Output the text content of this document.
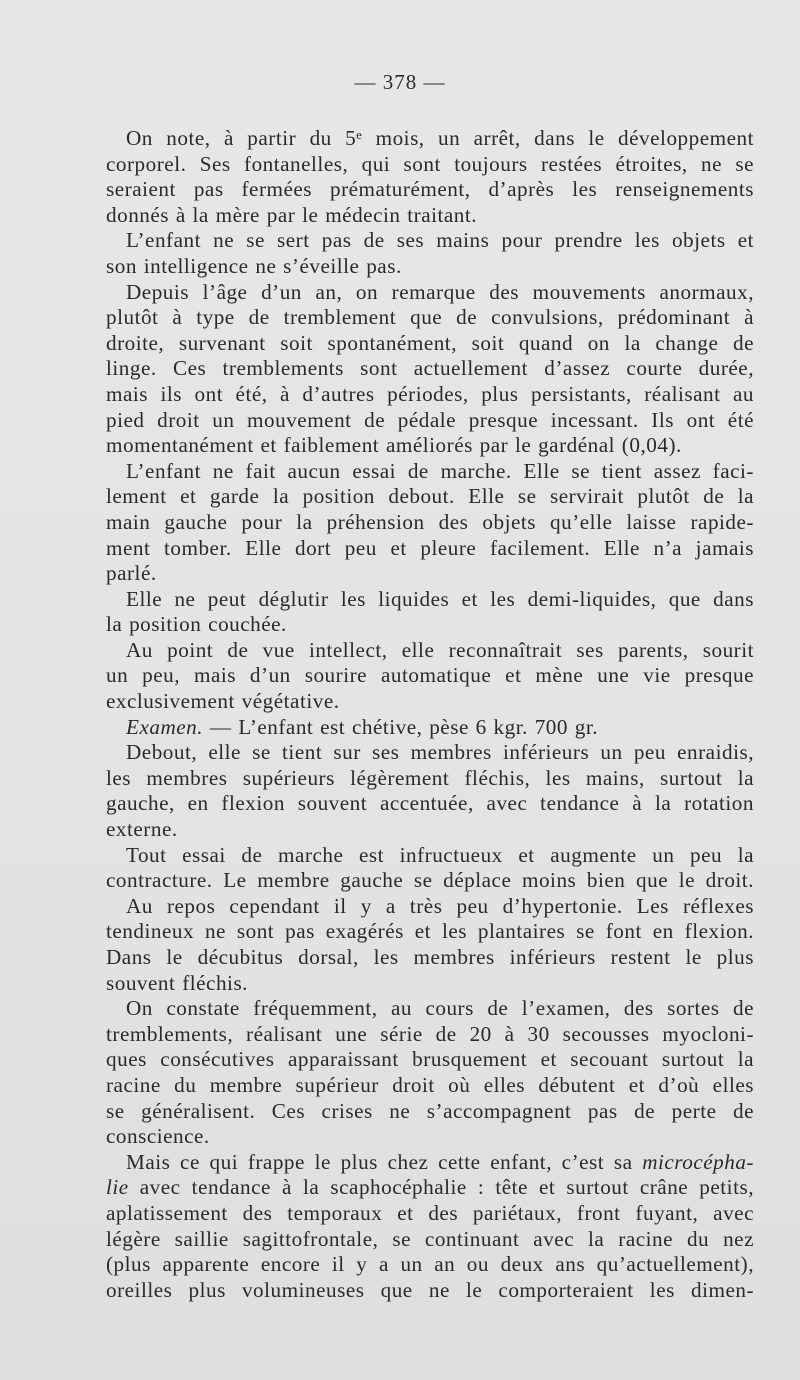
— 378 —
On note, à partir du 5ᵉ mois, un arrêt, dans le développement
corporel. Ses fontanelles, qui sont toujours restées étroites, ne se
seraient pas fermées prématurément, d’après les renseignements
donnés à la mère par le médecin traitant.
L’enfant ne se sert pas de ses mains pour prendre les objets et
son intelligence ne s’éveille pas.
Depuis l’âge d’un an, on remarque des mouvements anormaux,
plutôt à type de tremblement que de convulsions, prédominant à
droite, survenant soit spontanément, soit quand on la change de
linge. Ces tremblements sont actuellement d’assez courte durée,
mais ils ont été, à d’autres périodes, plus persistants, réalisant au
pied droit un mouvement de pédale presque incessant. Ils ont été
momentanément et faiblement améliorés par le gardénal (0,04).
L’enfant ne fait aucun essai de marche. Elle se tient assez faci-
lement et garde la position debout. Elle se servirait plutôt de la
main gauche pour la préhension des objets qu’elle laisse rapide-
ment tomber. Elle dort peu et pleure facilement. Elle n’a jamais
parlé.
Elle ne peut déglutir les liquides et les demi-liquides, que dans
la position couchée.
Au point de vue intellect, elle reconnaîtrait ses parents, sourit
un peu, mais d’un sourire automatique et mène une vie presque
exclusivement végétative.
Examen. — L’enfant est chétive, pèse 6 kgr. 700 gr.
Debout, elle se tient sur ses membres inférieurs un peu enraidis,
les membres supérieurs légèrement fléchis, les mains, surtout la
gauche, en flexion souvent accentuée, avec tendance à la rotation
externe.
Tout essai de marche est infructueux et augmente un peu la
contracture. Le membre gauche se déplace moins bien que le droit.
Au repos cependant il y a très peu d’hypertonie. Les réflexes
tendineux ne sont pas exagérés et les plantaires se font en flexion.
Dans le décubitus dorsal, les membres inférieurs restent le plus
souvent fléchis.
On constate fréquemment, au cours de l’examen, des sortes de
tremblements, réalisant une série de 20 à 30 secousses myocloni-
ques consécutives apparaissant brusquement et secouant surtout la
racine du membre supérieur droit où elles débutent et d’où elles
se généralisent. Ces crises ne s’accompagnent pas de perte de
conscience.
Mais ce qui frappe le plus chez cette enfant, c’est sa microcépha-
lie avec tendance à la scaphocéphalie : tête et surtout crâne petits,
aplatissement des temporaux et des pariétaux, front fuyant, avec
légère saillie sagittofrontale, se continuant avec la racine du nez
(plus apparente encore il y a un an ou deux ans qu’actuellement),
oreilles plus volumineuses que ne le comporteraient les dimen-
